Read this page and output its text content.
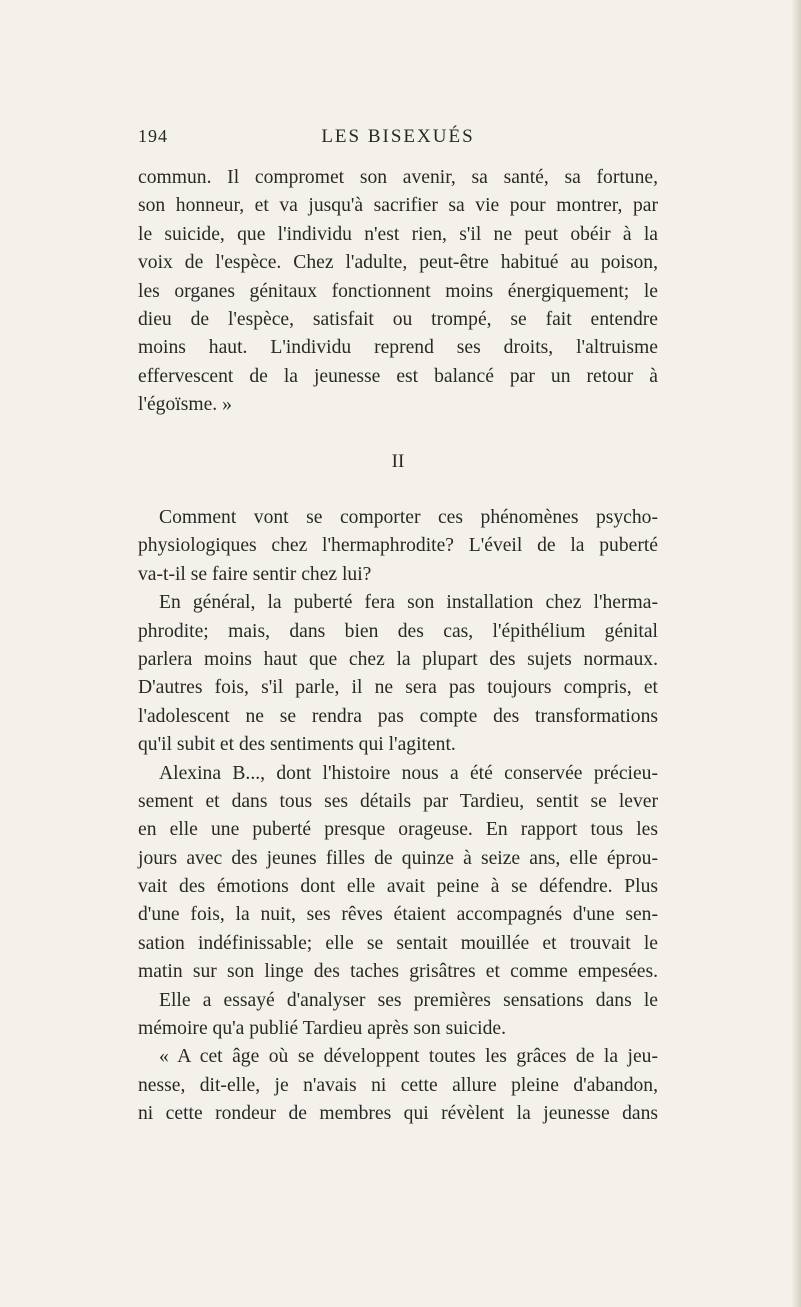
194	LES BISEXUÉS
commun. Il compromet son avenir, sa santé, sa fortune,
son honneur, et va jusqu'à sacrifier sa vie pour montrer, par
le suicide, que l'individu n'est rien, s'il ne peut obéir à la
voix de l'espèce. Chez l'adulte, peut-être habitué au poison,
les organes génitaux fonctionnent moins énergiquement; le
dieu de l'espèce, satisfait ou trompé, se fait entendre
moins haut. L'individu reprend ses droits, l'altruisme
effervescent de la jeunesse est balancé par un retour à
l'égoïsme. »
II
Comment vont se comporter ces phénomènes psycho-
physiologiques chez l'hermaphrodite? L'éveil de la puberté
va-t-il se faire sentir chez lui?
En général, la puberté fera son installation chez l'herma-
phrodite; mais, dans bien des cas, l'épithélium génital
parlera moins haut que chez la plupart des sujets normaux.
D'autres fois, s'il parle, il ne sera pas toujours compris, et
l'adolescent ne se rendra pas compte des transformations
qu'il subit et des sentiments qui l'agitent.
Alexina B..., dont l'histoire nous a été conservée précieu-
sement et dans tous ses détails par Tardieu, sentit se lever
en elle une puberté presque orageuse. En rapport tous les
jours avec des jeunes filles de quinze à seize ans, elle éprou-
vait des émotions dont elle avait peine à se défendre. Plus
d'une fois, la nuit, ses rêves étaient accompagnés d'une sen-
sation indéfinissable; elle se sentait mouillée et trouvait le
matin sur son linge des taches grisâtres et comme empesées.
Elle a essayé d'analyser ses premières sensations dans le
mémoire qu'a publié Tardieu après son suicide.
« A cet âge où se développent toutes les grâces de la jeu-
nesse, dit-elle, je n'avais ni cette allure pleine d'abandon,
ni cette rondeur de membres qui révèlent la jeunesse dans
